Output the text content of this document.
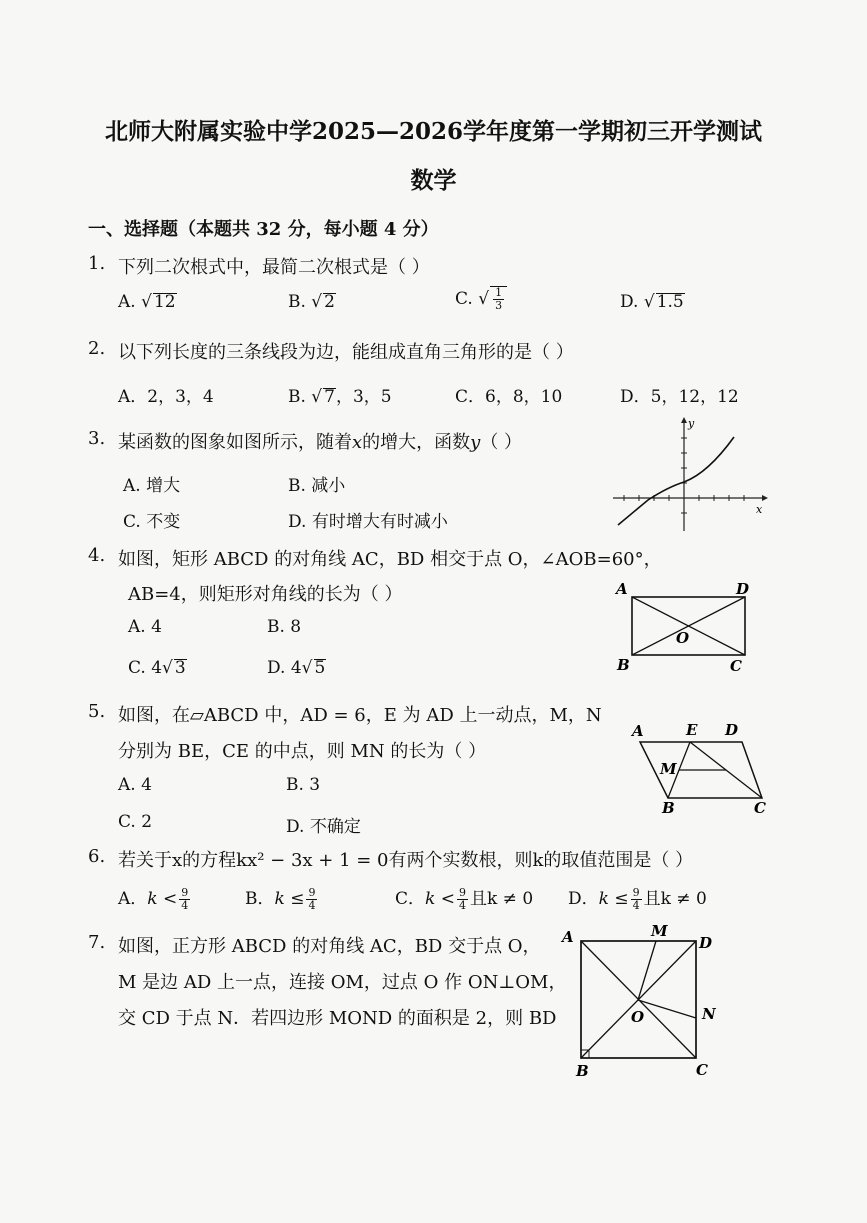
北师大附属实验中学2025—2026学年度第一学期初三开学测试
数学
一、选择题（本题共 32 分，每小题 4 分）
1. 下列二次根式中，最简二次根式是（ ）
A. √ 12	B. √ 2	C. √ $\frac{1}{3}$	D. √ 1.5
2. 以下列长度的三条线段为边，能组成直角三角形的是（ ）
A．2，3，4	B. √ 7，3，5	C．6，8，10	D．5，12，12
3. 某函数的图象如图所示，随着x的增大，函数y（ ）
A. 增大	B. 减小
C. 不变	D. 有时增大有时减小
x
y
4. 如图，矩形 ABCD 的对角线 AC，BD 相交于点 O，∠AOB=60°，
AB=4，则矩形对角线的长为（ ）
A. 4	B. 8
C. 4√ 3	D. 4√ 5
A	D
B	C
O
5. 如图，在▱ABCD 中，AD = 6，E 为 AD 上一动点，M，N
分别为 BE，CE 的中点，则 MN 的长为（ ）
A. 4	B. 3
C. 2	D. 不确定
A	E D
M
B	C
6. 若关于x的方程kx² − 3x + 1 = 0有两个实数根，则k的取值范围是（ ）
A．$k < \frac{9}{4}$	B．$k \le \frac{9}{4}$	C．$k < \frac{9}{4}$ 且k ≠ 0 D．$k \le \frac{9}{4}$ 且k ≠ 0
7. 如图，正方形 ABCD 的对角线 AC，BD 交于点 O，
M 是边 AD 上一点，连接 OM，过点 O 作 ON⊥OM，
交 CD 于点 N．若四边形 MOND 的面积是 2，则 BD
A	M
D
N
O
B	C
